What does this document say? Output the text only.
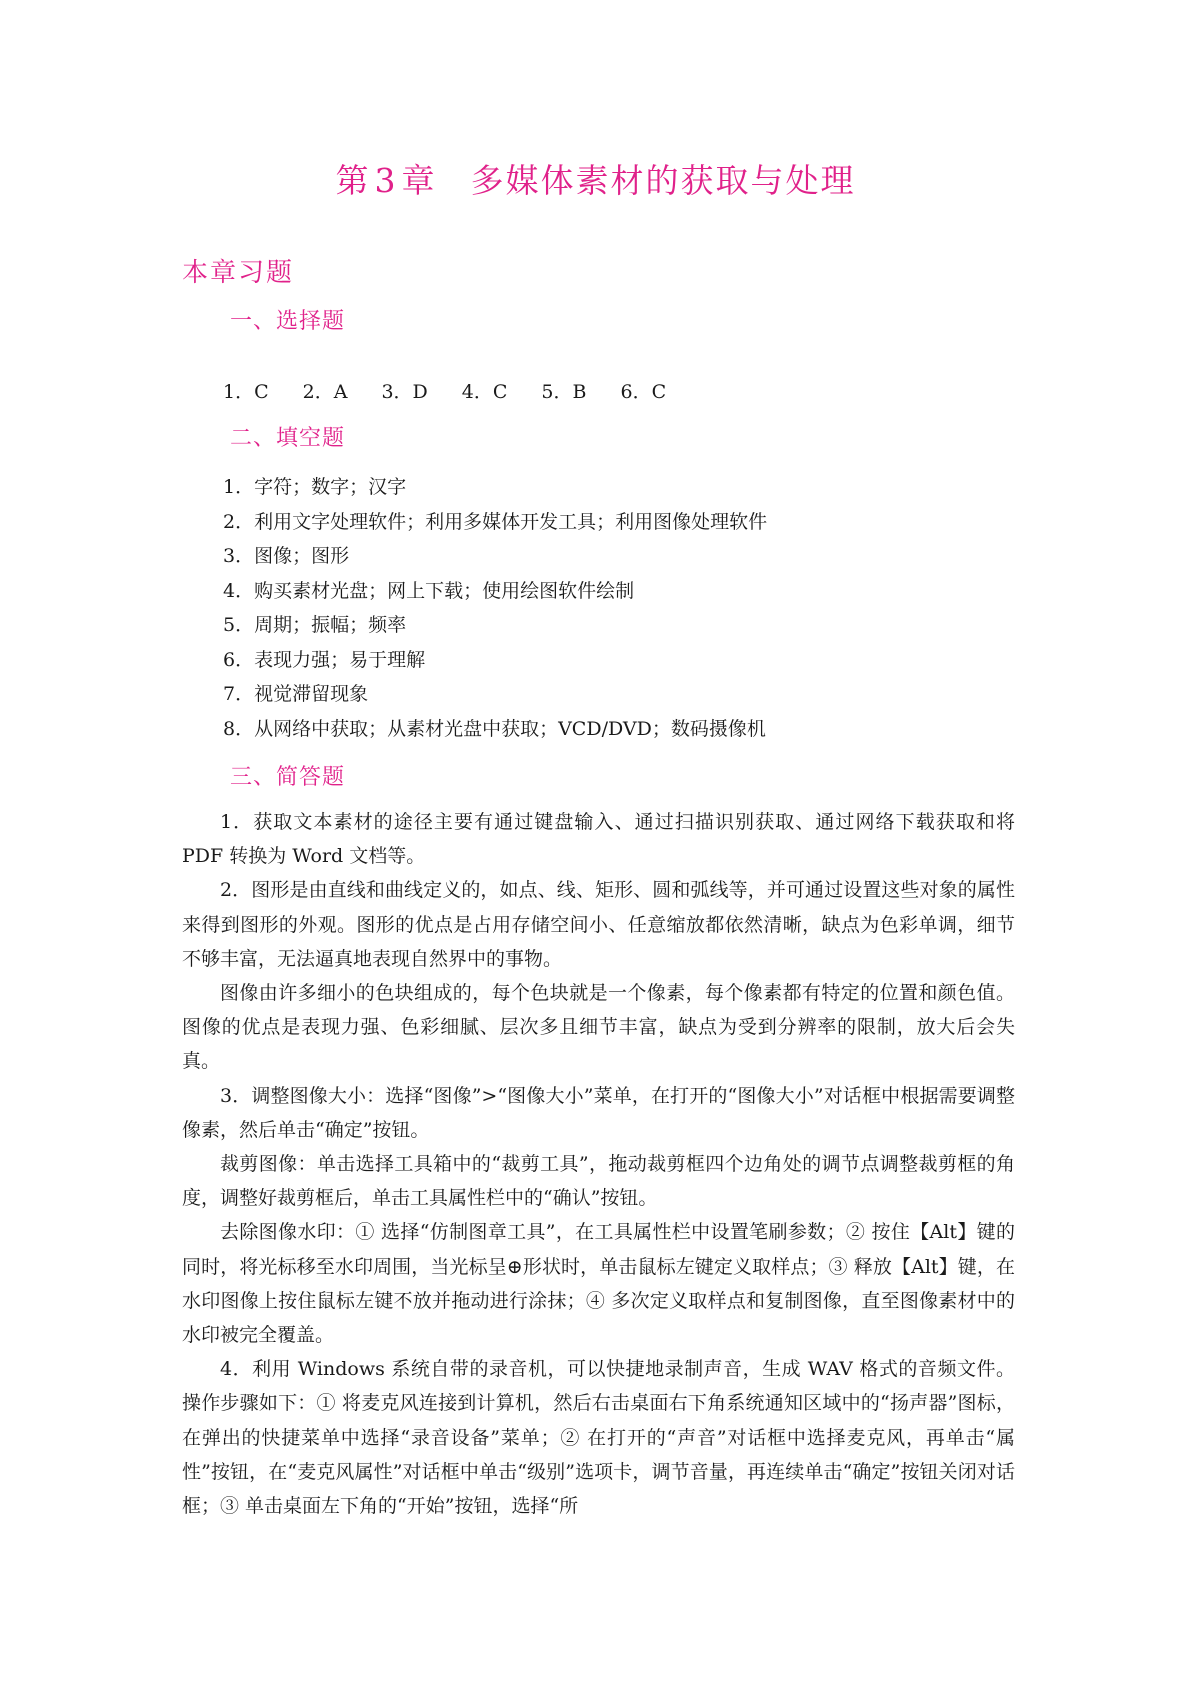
第 3 章 多媒体素材的获取与处理
本章习题
一、选择题
1．C 2．A 3．D 4．C 5．B 6．C
二、填空题
1．字符；数字；汉字
2．利用文字处理软件；利用多媒体开发工具；利用图像处理软件
3．图像；图形
4．购买素材光盘；网上下载；使用绘图软件绘制
5．周期；振幅；频率
6．表现力强；易于理解
7．视觉滞留现象
8．从网络中获取；从素材光盘中获取；VCD/DVD；数码摄像机
三、简答题

1．获取文本素材的途径主要有通过键盘输入、通过扫描识别获取、通过网络下载获取和将 PDF 转换为 Word 文档等。

2．图形是由直线和曲线定义的，如点、线、矩形、圆和弧线等，并可通过设置这些对象的属性来得到图形的外观。图形的优点是占用存储空间小、任意缩放都依然清晰，缺点为色彩单调，细节不够丰富，无法逼真地表现自然界中的事物。

图像由许多细小的色块组成的，每个色块就是一个像素，每个像素都有特定的位置和颜色值。图像的优点是表现力强、色彩细腻、层次多且细节丰富，缺点为受到分辨率的限制，放大后会失真。

3．调整图像大小：选择“图像”>“图像大小”菜单，在打开的“图像大小”对话框中根据需要调整像素，然后单击“确定”按钮。

裁剪图像：单击选择工具箱中的“裁剪工具”，拖动裁剪框四个边角处的调节点调整裁剪框的角度，调整好裁剪框后，单击工具属性栏中的“确认”按钮。

去除图像水印：① 选择“仿制图章工具”，在工具属性栏中设置笔刷参数；② 按住【Alt】键的同时，将光标移至水印周围，当光标呈⊕形状时，单击鼠标左键定义取样点；③ 释放【Alt】键，在水印图像上按住鼠标左键不放并拖动进行涂抹；④ 多次定义取样点和复制图像，直至图像素材中的水印被完全覆盖。

4．利用 Windows 系统自带的录音机，可以快捷地录制声音，生成 WAV 格式的音频文件。操作步骤如下：① 将麦克风连接到计算机，然后右击桌面右下角系统通知区域中的“扬声器”图标，在弹出的快捷菜单中选择“录音设备”菜单；② 在打开的“声音”对话框中选择麦克风，再单击“属性”按钮，在“麦克风属性”对话框中单击“级别”选项卡，调节音量，再连续单击“确定”按钮关闭对话框；③ 单击桌面左下角的“开始”按钮，选择“所
